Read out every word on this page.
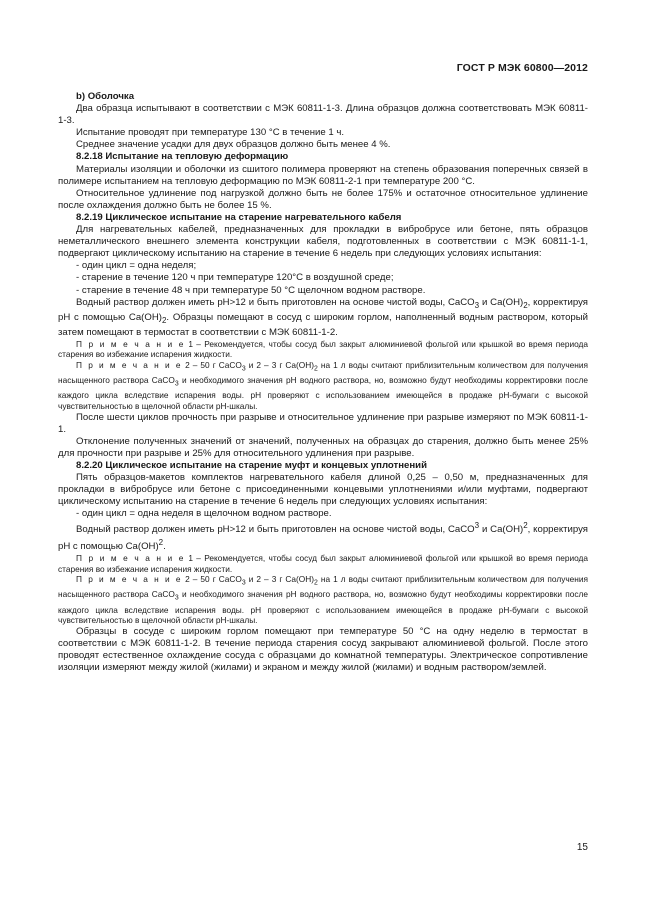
ГОСТ Р МЭК 60800—2012

b) Оболочка

Два образца испытывают в соответствии с МЭК 60811-1-3. Длина образцов должна соответствовать МЭК 60811-1-3.

Испытание проводят при температуре 130 °C в течение 1 ч.

Среднее значение усадки для двух образцов должно быть менее 4 %.

8.2.18 Испытание на тепловую деформацию

Материалы изоляции и оболочки из сшитого полимера проверяют на степень образования поперечных связей в полимере испытанием на тепловую деформацию по МЭК 60811-2-1 при температуре 200 °C.

Относительное удлинение под нагрузкой должно быть не более 175% и остаточное относительное удлинение после охлаждения должно быть не более 15 %.

8.2.19 Циклическое испытание на старение нагревательного кабеля

Для нагревательных кабелей, предназначенных для прокладки в вибробрусе или бетоне, пять образцов неметаллического внешнего элемента конструкции кабеля, подготовленных в соответствии с МЭК 60811-1-1, подвергают циклическому испытанию на старение в течение 6 недель при следующих условиях испытания:

- один цикл = одна неделя;

- старение в течение 120 ч при температуре 120°C в воздушной среде;

- старение в течение 48 ч при температуре 50 °C щелочном водном растворе.

Водный раствор должен иметь pH>12 и быть приготовлен на основе чистой воды, CaCO$_3$ и $Ca(OH)_2$, корректируя pH с помощью $Ca(OH)_2$. Образцы помещают в сосуд с широким горлом, наполненный водным раствором, который затем помещают в термостат в соответствии с МЭК 60811-1-2.

П р и м е ч а н и е 1 – Рекомендуется, чтобы сосуд был закрыт алюминиевой фольгой или крышкой во время периода старения во избежание испарения жидкости.

П р и м е ч а н и е 2 – 50 г CaCO$_3$ и 2 – 3 г $Ca(OH)_2$ на 1 л воды считают приблизительным количеством для получения насыщенного раствора CaCO$_3$ и необходимого значения pH водного раствора, но, возможно будут необходимы корректировки после каждого цикла вследствие испарения воды. pH проверяют с использованием имеющейся в продаже pH-бумаги с высокой чувствительностью в щелочной области pH-шкалы.

После шести циклов прочность при разрыве и относительное удлинение при разрыве измеряют по МЭК 60811-1-1.

Отклонение полученных значений от значений, полученных на образцах до старения, должно быть менее 25% для прочности при разрыве и 25% для относительного удлинения при разрыве.

8.2.20 Циклическое испытание на старение муфт и концевых уплотнений

Пять образцов-макетов комплектов нагревательного кабеля длиной 0,25 – 0,50 м, предназначенных для прокладки в вибробрусе или бетоне с присоединенными концевыми уплотнениями и/или муфтами, подвергают циклическому испытанию на старение в течение 6 недель при следующих условиях испытания:

- один цикл = одна неделя в щелочном водном растворе.

Водный раствор должен иметь pH>12 и быть приготовлен на основе чистой воды, CaCO$^3$ и Ca(OH)$^2$, корректируя pH с помощью Ca(OH)$^2$.

П р и м е ч а н и е 1 – Рекомендуется, чтобы сосуд был закрыт алюминиевой фольгой или крышкой во время периода старения во избежание испарения жидкости.

П р и м е ч а н и е 2 – 50 г CaCO$_3$ и 2 – 3 г $Ca(OH)_2$ на 1 л воды считают приблизительным количеством для получения насыщенного раствора CaCO$_3$ и необходимого значения pH водного раствора, но, возможно будут необходимы корректировки после каждого цикла вследствие испарения воды. pH проверяют с использованием имеющейся в продаже pH-бумаги с высокой чувствительностью в щелочной области pH-шкалы.

Образцы в сосуде с широким горлом помещают при температуре 50 °C на одну неделю в термостат в соответствии с МЭК 60811-1-2. В течение периода старения сосуд закрывают алюминиевой фольгой. После этого проводят естественное охлаждение сосуда с образцами до комнатной температуры. Электрическое сопротивление изоляции измеряют между жилой (жилами) и экраном и между жилой (жилами) и водным раствором/землей.

15
